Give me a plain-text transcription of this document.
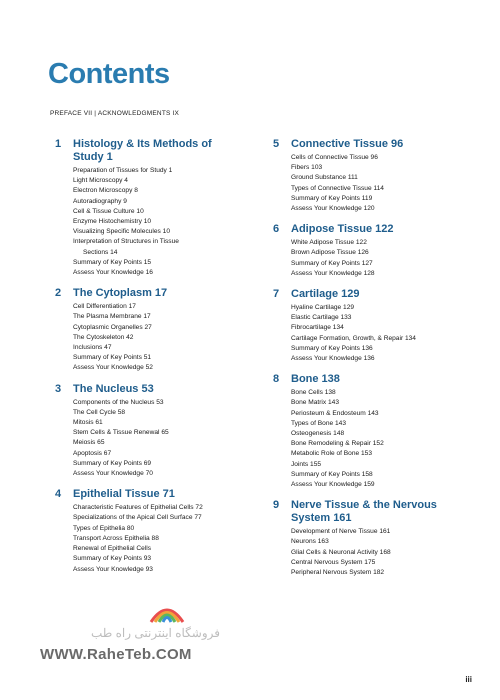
Contents
PREFACE VII | ACKNOWLEDGMENTS IX
1	Histology & Its Methods of Study 1
Preparation of Tissues for Study 1
Light Microscopy 4
Electron Microscopy 8
Autoradiography 9
Cell & Tissue Culture 10
Enzyme Histochemistry 10
Visualizing Specific Molecules 10
Interpretation of Structures in Tissue
Sections 14
Summary of Key Points 15
Assess Your Knowledge 16
2	The Cytoplasm 17
Cell Differentiation 17
The Plasma Membrane 17
Cytoplasmic Organelles 27
The Cytoskeleton 42
Inclusions 47
Summary of Key Points 51
Assess Your Knowledge 52
3	The Nucleus 53
Components of the Nucleus 53
The Cell Cycle 58
Mitosis 61
Stem Cells & Tissue Renewal 65
Meiosis 65
Apoptosis 67
Summary of Key Points 69
Assess Your Knowledge 70
4	Epithelial Tissue 71
Characteristic Features of Epithelial Cells 72
Specializations of the Apical Cell Surface 77
Types of Epithelia 80
Transport Across Epithelia 88
Renewal of Epithelial Cells
Summary of Key Points 93
Assess Your Knowledge 93
5	Connective Tissue 96
Cells of Connective Tissue 96
Fibers 103
Ground Substance 111
Types of Connective Tissue 114
Summary of Key Points 119
Assess Your Knowledge 120
6	Adipose Tissue 122
White Adipose Tissue 122
Brown Adipose Tissue 126
Summary of Key Points 127
Assess Your Knowledge 128
7	Cartilage 129
Hyaline Cartilage 129
Elastic Cartilage 133
Fibrocartilage 134
Cartilage Formation, Growth, & Repair 134
Summary of Key Points 136
Assess Your Knowledge 136
8	Bone 138
Bone Cells 138
Bone Matrix 143
Periosteum & Endosteum 143
Types of Bone 143
Osteogenesis 148
Bone Remodeling & Repair 152
Metabolic Role of Bone 153
Joints 155
Summary of Key Points 158
Assess Your Knowledge 159
9	Nerve Tissue & the Nervous System 161
Development of Nerve Tissue 161
Neurons 163
Glial Cells & Neuronal Activity 168
Central Nervous System 175
Peripheral Nervous System 182
فروشگاه اینترنتی راه طب
WWW.RaheTeb.COM
iii
